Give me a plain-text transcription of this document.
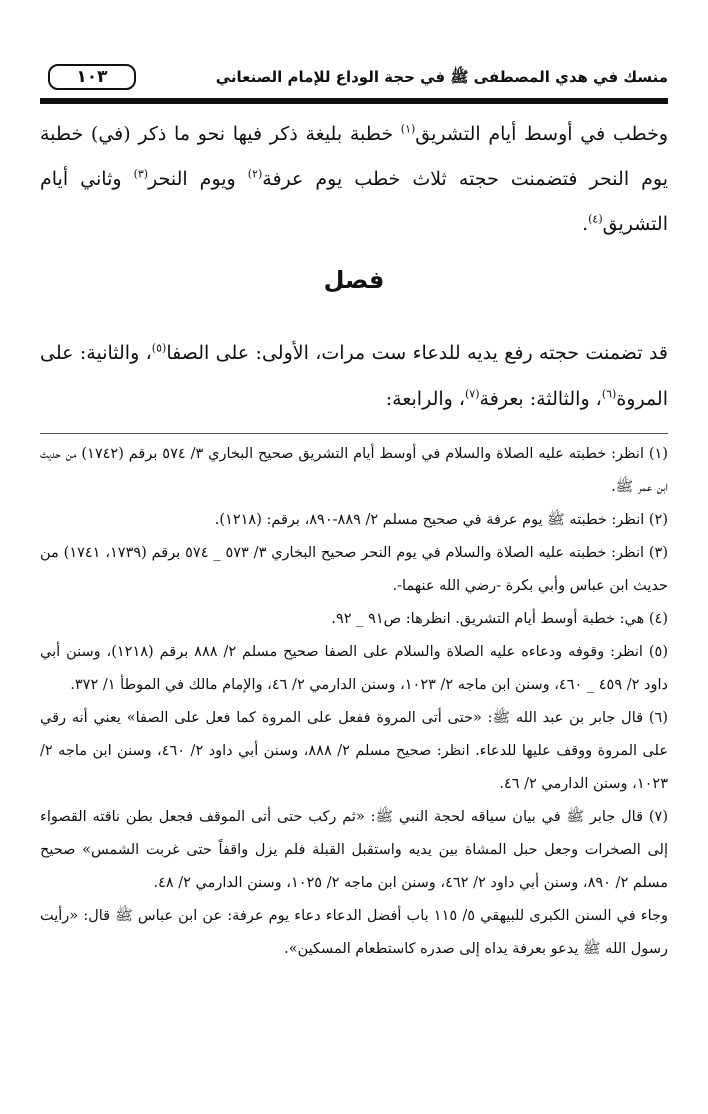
١٠٣	منسك في هدي المصطفى ﷺ في حجة الوداع للإمام الصنعاني

وخطب في أوسط أيام التشريق$^{(١)}$ خطبة بليغة ذكر فيها نحو ما ذكر (في) خطبة يوم النحر فتضمنت حجته ثلاث خطب يوم عرفة$^{(٢)}$ ويوم النحر$^{(٣)}$ وثاني أيام التشريق$^{(٤)}$.

فصل

قد تضمنت حجته رفع يديه للدعاء ست مرات، الأولى: على الصفا$^{(٥)}$، والثانية: على المروة$^{(٦)}$، والثالثة: بعرفة$^{(٧)}$، والرابعة:

(١) انظر: خطبته عليه الصلاة والسلام في أوسط أيام التشريق صحيح البخاري ٣/ ٥٧٤ برقم (١٧٤٢) من حديث ابن عمر ﷺ.

(٢) انظر: خطبته ﷺ يوم عرفة في صحيح مسلم ٢/ ٨٨٩-٨٩٠، برقم: (١٢١٨).

(٣) انظر: خطبته عليه الصلاة والسلام في يوم النحر صحيح البخاري ٣/ ٥٧٣ _ ٥٧٤ برقم (١٧٣٩، ١٧٤١) من حديث ابن عباس وأبي بكرة -رضي الله عنهما-.

(٤) هي: خطبة أوسط أيام التشريق. انظرها: ص٩١ _ ٩٢.

(٥) انظر: وقوفه ودعاءه عليه الصلاة والسلام على الصفا صحيح مسلم ٢/ ٨٨٨ برقم (١٢١٨)، وسنن أبي داود ٢/ ٤٥٩ _ ٤٦٠، وسنن ابن ماجه ٢/ ١٠٢٣، وسنن الدارمي ٢/ ٤٦، والإمام مالك في الموطأ ١/ ٣٧٢.

(٦) قال جابر بن عبد الله ﷺ: «حتى أتى المروة ففعل على المروة كما فعل على الصفا» يعني أنه رقي على المروة ووقف عليها للدعاء. انظر: صحيح مسلم ٢/ ٨٨٨، وسنن أبي داود ٢/ ٤٦٠، وسنن ابن ماجه ٢/ ١٠٢٣، وسنن الدارمي ٢/ ٤٦.

(٧) قال جابر ﷺ في بيان سياقه لحجة النبي ﷺ: «ثم ركب حتى أتى الموقف فجعل بطن ناقته القصواء إلى الصخرات وجعل حبل المشاة بين يديه واستقبل القبلة فلم يزل واقفاً حتى غربت الشمس» صحيح مسلم ٢/ ٨٩٠، وسنن أبي داود ٢/ ٤٦٢، وسنن ابن ماجه ٢/ ١٠٢٥، وسنن الدارمي ٢/ ٤٨.

وجاء في السنن الكبرى للبيهقي ٥/ ١١٥ باب أفضل الدعاء دعاء يوم عرفة: عن ابن عباس ﷺ قال: «رأيت رسول الله ﷺ يدعو بعرفة يداه إلى صدره كاستطعام المسكين».
